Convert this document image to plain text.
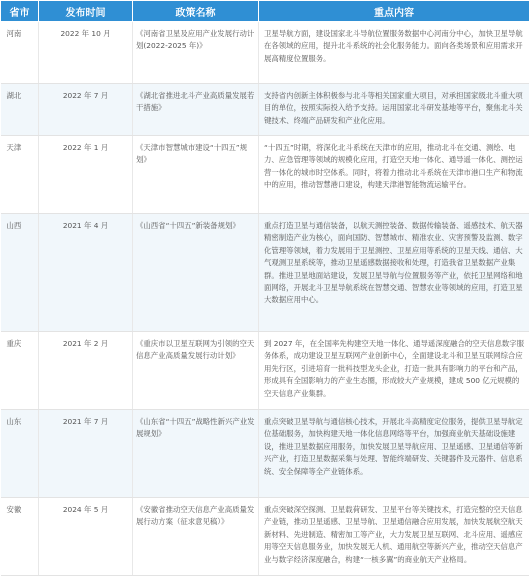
省市	发布时间	政策名称	重点内容
河南	2022 年 10 月	《河南省卫星及应用产业发展行动计划(2022-2025 年)》	卫星导航方面，建设国家北斗导航位置服务数据中心河南分中心，加快卫星导航在各领域的应用，提升北斗系统的社会化服务能力。面向各类场景和应用需求开展高精度位置服务。
湖北	2022 年 7 月	《湖北省推进北斗产业高质量发展若干措施》	支持省内创新主体积极参与北斗等相关国家重大项目，对承担国家级北斗重大项目的单位，按照实际投入给予支持。运用国家北斗研发基地等平台，聚焦北斗关键技术、终端产品研发和产业化应用。
天津	2022 年 1 月	《天津市智慧城市建设“十四五”规划》	“十四五”时期，将深化北斗系统在天津市的应用，推动北斗在交通、测绘、电力、应急管理等领域的规模化应用，打造空天地一体化、通导遥一体化、测控运营一体化的城市时空体系。同时，将着力推动北斗系统在天津市港口生产和物流中的应用，推动智慧港口建设，构建天津港智能物流运输平台。
山西	2021 年 4 月	《山西省“十四五”新装备规划》	重点打造卫星与通信装备，以航天测控装备、数据传输装备、遥感技术、航天器精密制造产业为核心，面向国防、智慧城市、精准农业、灾害预警及监测、数字化管理等领域，着力发展用于卫星测控、卫星应用等系统的卫星天线、通信、大气观测卫星系统等，推动卫星遥感数据接收和处理，打造我省卫星数据产业集群。推进卫星地面站建设，发展卫星导航与位置服务等产业，依托卫星网络和地面网络，开展北斗卫星导航系统在智慧交通、智慧农业等领域的应用，打造卫星大数据应用中心。
重庆	2021 年 2 月	《重庆市以卫星互联网为引领的空天信息产业高质量发展行动计划》	到 2027 年，在全国率先构建空天地一体化、通导遥深度融合的空天信息数字服务体系，成功建设卫星互联网产业创新中心，全面建设北斗和卫星互联网综合应用先行区，引进培育一批科技型龙头企业，打造一批具有影响力的平台和产品，形成具有全国影响力的产业生态圈，形成较大产业规模，建成 500 亿元规模的空天信息产业集群。
山东	2021 年 7 月	《山东省“十四五”战略性新兴产业发展规划》	重点突破卫星导航与通信核心技术，开展北斗高精度定位服务，提供卫星导航定位基础服务，加快构建天地一体化信息网络等平台，加强商业航天基础设施建设，推进卫星数据应用服务，加快发展卫星导航应用、卫星遥感、卫星通信等新兴产业，打造卫星数据采集与处理、智能终端研发、关键器件及元器件、信息系统、安全保障等全产业链体系。
安徽	2024 年 5 月	《安徽省推动空天信息产业高质量发展行动方案（征求意见稿）》	重点突破深空探测、卫星载荷研发、卫星平台等关键技术，打造完整的空天信息产业链，推动卫星遥感、卫星导航、卫星通信融合应用发展，加快发展航空航天新材料、先进制造、精密加工等产业，大力发展卫星互联网、北斗应用、遥感应用等空天信息服务业，加快发展无人机、通用航空等新兴产业，推动空天信息产业与数字经济深度融合，构建“一核多翼”的商业航天产业格局。
